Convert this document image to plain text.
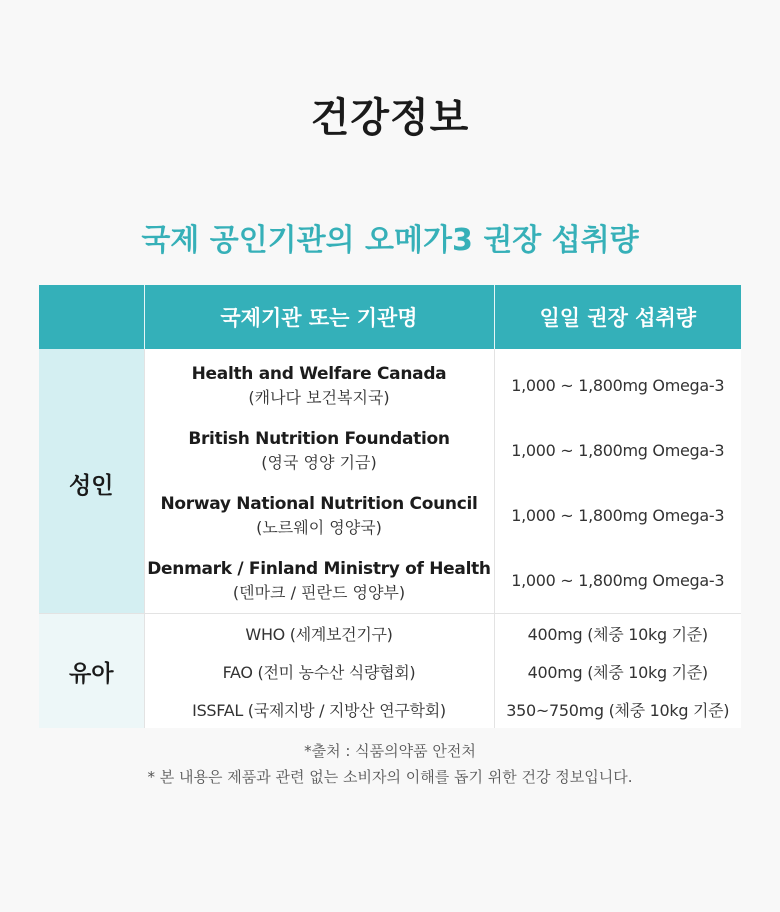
건강정보
국제 공인기관의 오메가3 권장 섭취량
	국제기관 또는 기관명	일일 권장 섭취량
성인	Health and Welfare Canada
(캐나다 보건복지국)	1,000 ~ 1,800mg Omega-3

	British Nutrition Foundation
(영국 영양 기금)	1,000 ~ 1,800mg Omega-3

	Norway National Nutrition Council
(노르웨이 영양국)	1,000 ~ 1,800mg Omega-3

	Denmark / Finland Ministry of Health
(덴마크 / 핀란드 영양부)	1,000 ~ 1,800mg Omega-3
유아	WHO (세계보건기구)	400mg (체중 10kg 기준)
	FAO (전미 농수산 식량협회)	400mg (체중 10kg 기준)
	ISSFAL (국제지방 / 지방산 연구학회)	350~750mg (체중 10kg 기준)
*출처 : 식품의약품 안전처
* 본 내용은 제품과 관련 없는 소비자의 이해를 돕기 위한 건강 정보입니다.
